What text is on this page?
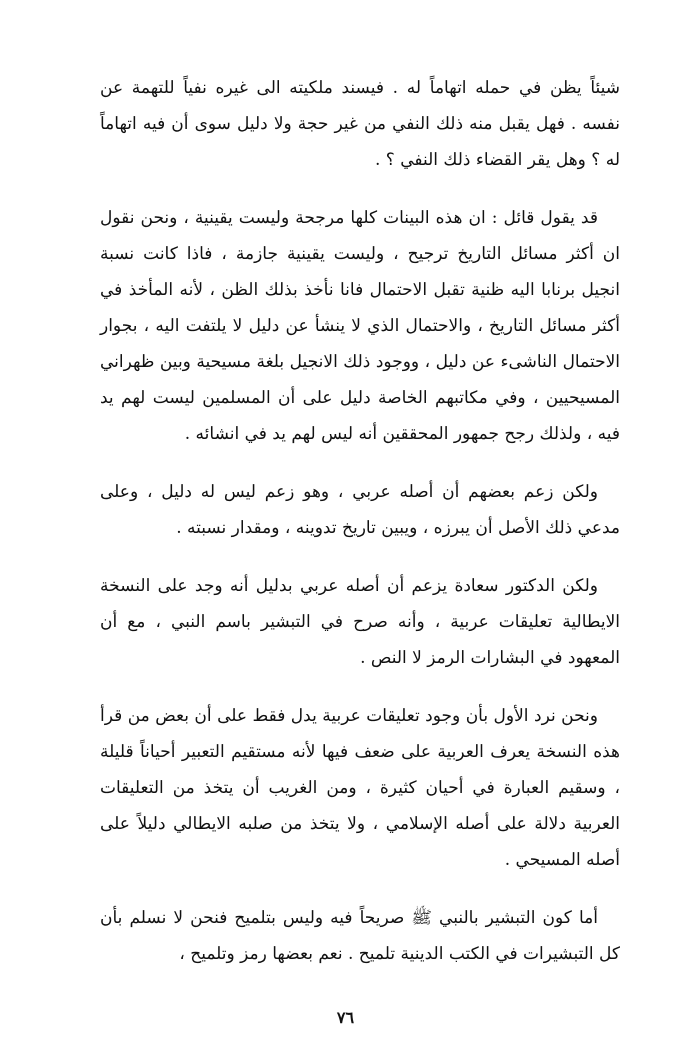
شيئاً يظن في حمله اتهاماً له . فيسند ملكيته الى غيره نفياً للتهمة عن نفسه . فهل يقبل منه ذلك النفي من غير حجة ولا دليل سوى أن فيه اتهاماً له ؟ وهل يقر القضاء ذلك النفي ؟ .

قد يقول قائل : ان هذه البينات كلها مرجحة وليست يقينية ، ونحن نقول ان أكثر مسائل التاريخ ترجيح ، وليست يقينية جازمة ، فاذا كانت نسبة انجيل برنابا اليه ظنية تقبل الاحتمال فانا نأخذ بذلك الظن ، لأنه المأخذ في أكثر مسائل التاريخ ، والاحتمال الذي لا ينشأ عن دليل لا يلتفت اليه ، بجوار الاحتمال الناشىء عن دليل ، ووجود ذلك الانجيل بلغة مسيحية وبين ظهراني المسيحيين ، وفي مكاتبهم الخاصة دليل على أن المسلمين ليست لهم يد فيه ، ولذلك رجح جمهور المحققين أنه ليس لهم يد في انشائه .

ولكن زعم بعضهم أن أصله عربي ، وهو زعم ليس له دليل ، وعلى مدعي ذلك الأصل أن يبرزه ، ويبين تاريخ تدوينه ، ومقدار نسبته .

ولكن الدكتور سعادة يزعم أن أصله عربي بدليل أنه وجد على النسخة الايطالية تعليقات عربية ، وأنه صرح في التبشير باسم النبي ، مع أن المعهود في البشارات الرمز لا النص .

ونحن نرد الأول بأن وجود تعليقات عربية يدل فقط على أن بعض من قرأ هذه النسخة يعرف العربية على ضعف فيها لأنه مستقيم التعبير أحياناً قليلة ، وسقيم العبارة في أحيان كثيرة ، ومن الغريب أن يتخذ من التعليقات العربية دلالة على أصله الإسلامي ، ولا يتخذ من صلبه الايطالي دليلاً على أصله المسيحي .

أما كون التبشير بالنبي ﷺ صريحاً فيه وليس بتلميح فنحن لا نسلم بأن كل التبشيرات في الكتب الدينية تلميح . نعم بعضها رمز وتلميح ،

٧٦
